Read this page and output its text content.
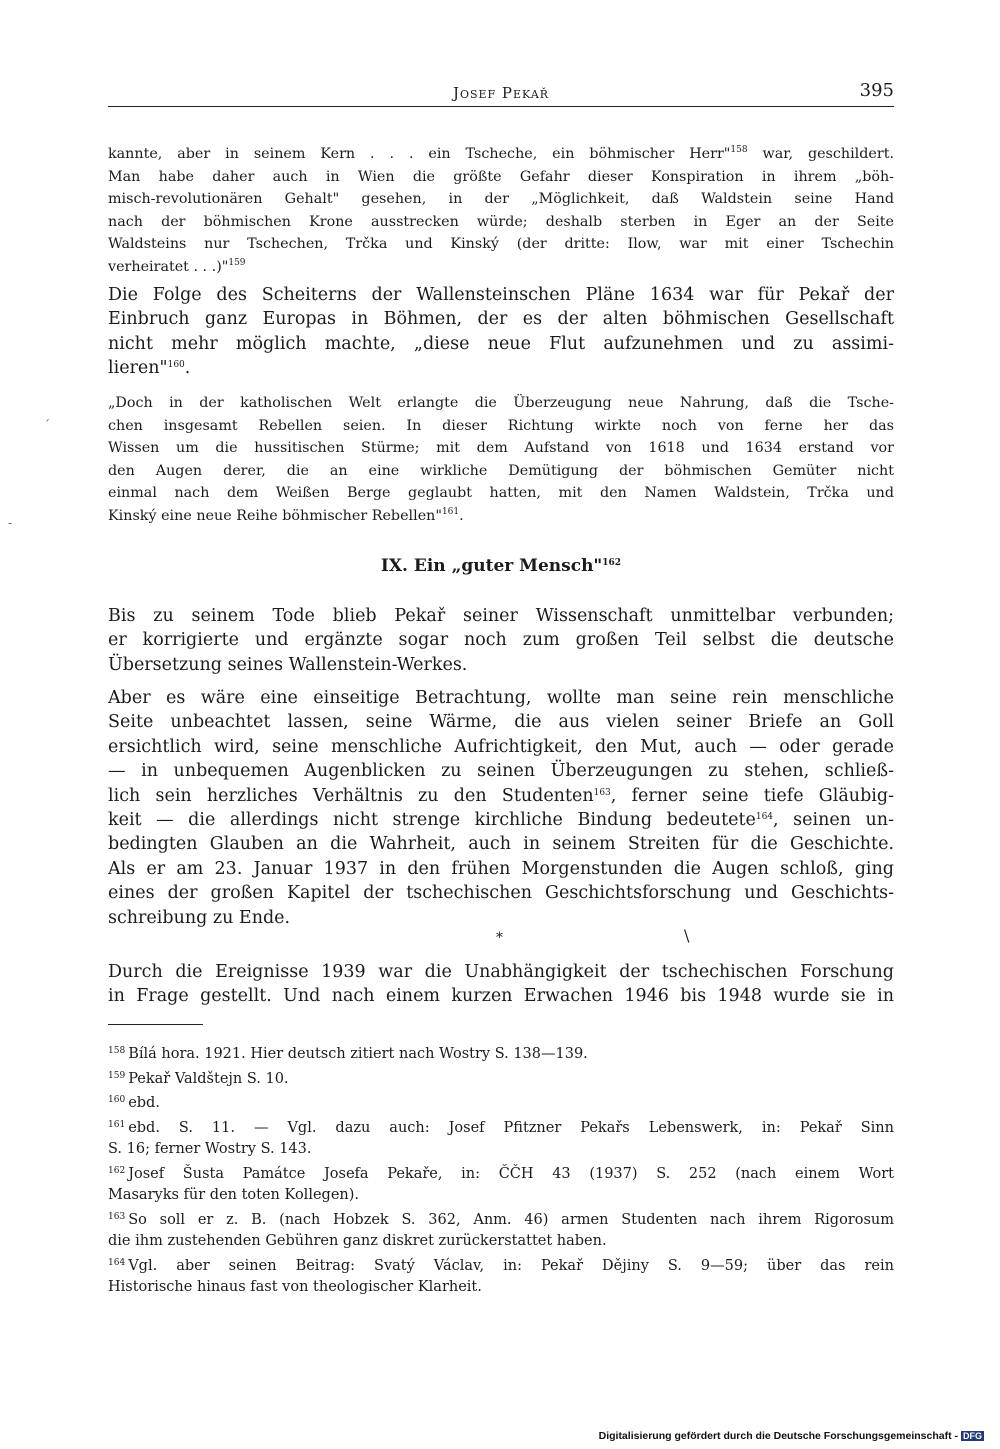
Josef Pekař	395
kannte, aber in seinem Kern . . . ein Tscheche, ein böhmischer Herr"$^{158}$ war, geschildert.
Man habe daher auch in Wien die größte Gefahr dieser Konspiration in ihrem „böh-
misch-revolutionären Gehalt" gesehen, in der „Möglichkeit, daß Waldstein seine Hand
nach der böhmischen Krone ausstrecken würde; deshalb sterben in Eger an der Seite
Waldsteins nur Tschechen, Trčka und Kinský (der dritte: Ilow, war mit einer Tschechin
verheiratet . . .)"$^{159}$
Die Folge des Scheiterns der Wallensteinschen Pläne 1634 war für Pekař der
Einbruch ganz Europas in Böhmen, der es der alten böhmischen Gesellschaft
nicht mehr möglich machte, „diese neue Flut aufzunehmen und zu assimi-
lieren"$^{160}$.
„Doch in der katholischen Welt erlangte die Überzeugung neue Nahrung, daß die Tsche-
chen insgesamt Rebellen seien. In dieser Richtung wirkte noch von ferne her das
Wissen um die hussitischen Stürme; mit dem Aufstand von 1618 und 1634 erstand vor
den Augen derer, die an eine wirkliche Demütigung der böhmischen Gemüter nicht
einmal nach dem Weißen Berge geglaubt hatten, mit den Namen Waldstein, Trčka und
Kinský eine neue Reihe böhmischer Rebellen"$^{161}$.
IX. Ein „guter Mensch"$^{162}$
Bis zu seinem Tode blieb Pekař seiner Wissenschaft unmittelbar verbunden;
er korrigierte und ergänzte sogar noch zum großen Teil selbst die deutsche
Übersetzung seines Wallenstein-Werkes.
Aber es wäre eine einseitige Betrachtung, wollte man seine rein menschliche
Seite unbeachtet lassen, seine Wärme, die aus vielen seiner Briefe an Goll
ersichtlich wird, seine menschliche Aufrichtigkeit, den Mut, auch — oder gerade
— in unbequemen Augenblicken zu seinen Überzeugungen zu stehen, schließ-
lich sein herzliches Verhältnis zu den Studenten$^{163}$, ferner seine tiefe Gläubig-
keit — die allerdings nicht strenge kirchliche Bindung bedeutete$^{164}$, seinen un-
bedingten Glauben an die Wahrheit, auch in seinem Streiten für die Geschichte.
Als er am 23. Januar 1937 in den frühen Morgenstunden die Augen schloß, ging
eines der großen Kapitel der tschechischen Geschichtsforschung und Geschichts-
schreibung zu Ende.
*	\
Durch die Ereignisse 1939 war die Unabhängigkeit der tschechischen Forschung
in Frage gestellt. Und nach einem kurzen Erwachen 1946 bis 1948 wurde sie in
$^{158}$ Bílá hora. 1921. Hier deutsch zitiert nach Wostry S. 138—139.
$^{159}$ Pekař Valdštejn S. 10.
$^{160}$ ebd.
$^{161}$ ebd. S. 11. — Vgl. dazu auch: Josef Pfitzner Pekařs Lebenswerk, in: Pekař Sinn
S. 16; ferner Wostry S. 143.
$^{162}$ Josef Šusta Památce Josefa Pekaře, in: ČČH 43 (1937) S. 252 (nach einem Wort
Masaryks für den toten Kollegen).
$^{163}$ So soll er z. B. (nach Hobzek S. 362, Anm. 46) armen Studenten nach ihrem Rigorosum
die ihm zustehenden Gebühren ganz diskret zurückerstattet haben.
$^{164}$ Vgl. aber seinen Beitrag: Svatý Václav, in: Pekař Dějiny S. 9—59; über das rein
Historische hinaus fast von theologischer Klarheit.
´
-
Digitalisierung gefördert durch die Deutsche Forschungsgemeinschaft - DFG
